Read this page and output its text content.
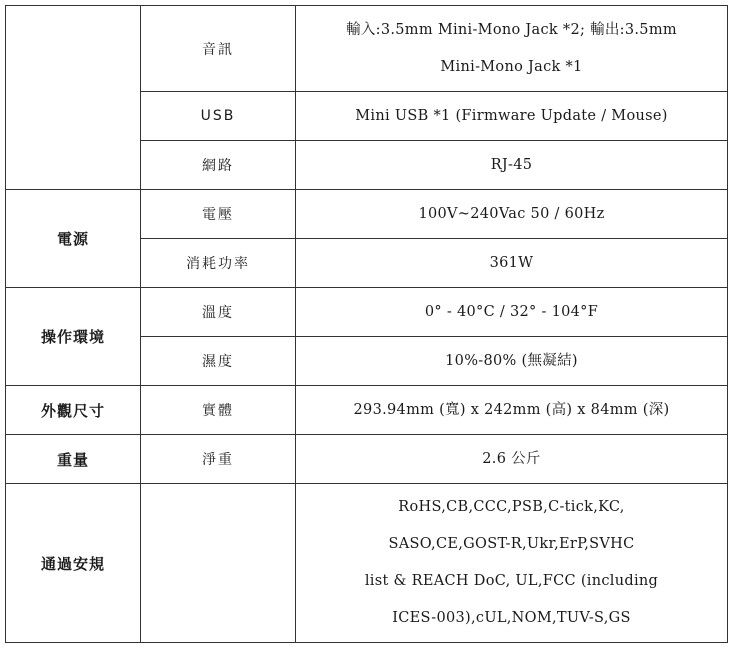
	音訊	輸入:3.5mm Mini-Mono Jack *2; 輸出:3.5mm
Mini-Mono Jack *1

	USB	Mini USB *1 (Firmware Update / Mouse)
	網路	RJ-45
電源	電壓	100V~240Vac 50 / 60Hz
	消耗功率	361W
操作環境	溫度	0° - 40°C / 32° - 104°F
	濕度	10%-80% (無凝結)
外觀尺寸	實體	293.94mm (寬) x 242mm (高) x 84mm (深)
重量	淨重	2.6 公斤
通過安規		RoHS,CB,CCC,PSB,C-tick,KC,
SASO,CE,GOST-R,Ukr,ErP,SVHC
list & REACH DoC, UL,FCC (including
ICES-003),cUL,NOM,TUV-S,GS
